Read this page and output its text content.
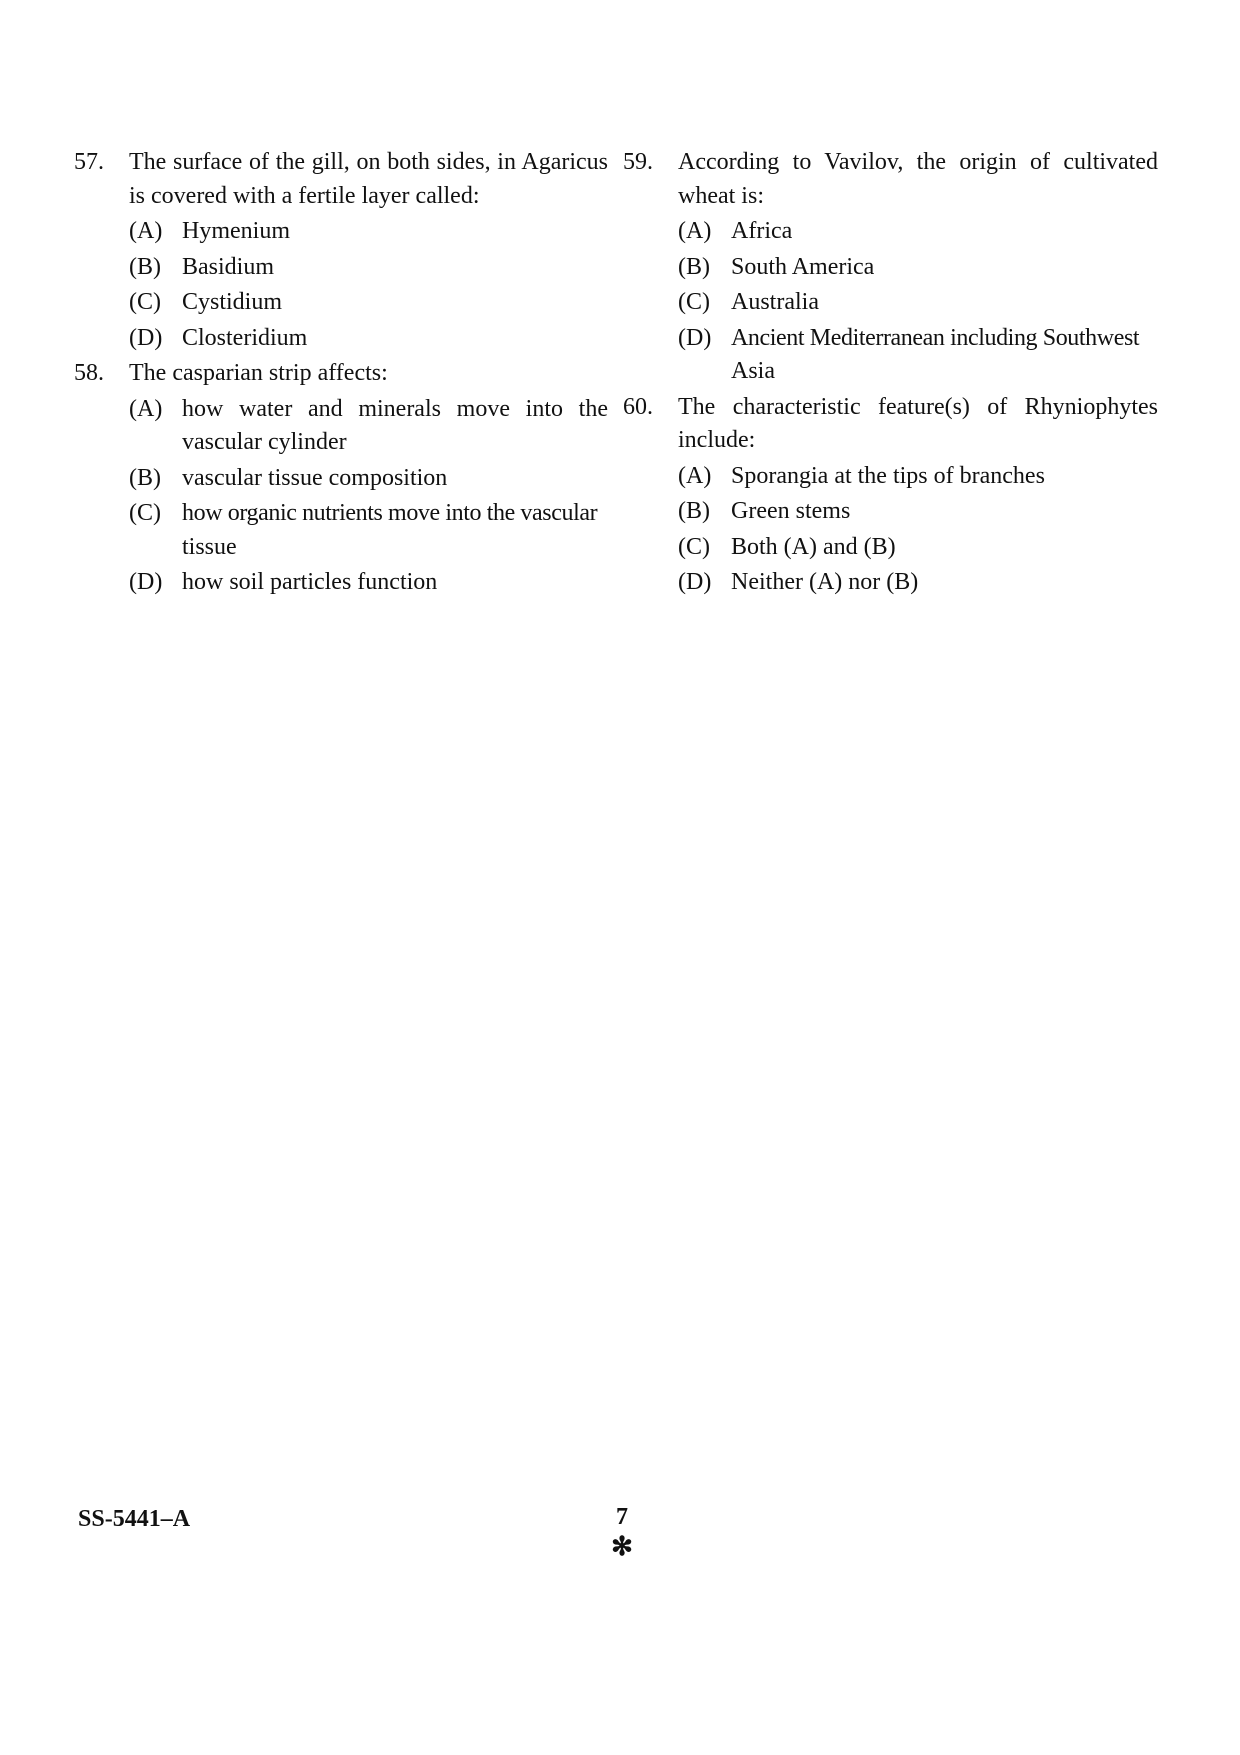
57.	The surface of the gill, on both sides, in Agaricus
is covered with a fertile layer called:
(A) Hymenium
(B) Basidium
(C) Cystidium
(D) Closteridium
58.	The casparian strip affects:
(A) how water and minerals move into the
vascular cylinder
(B) vascular tissue composition
(C) how organic nutrients move into the vascular
tissue
(D) how soil particles function
59.	According to Vavilov, the origin of cultivated
wheat is:
(A) Africa
(B) South America
(C) Australia
(D) Ancient Mediterranean including Southwest
Asia
60.	The characteristic feature(s) of Rhyniophytes
include:
(A) Sporangia at the tips of branches
(B) Green stems
(C) Both (A) and (B)
(D) Neither (A) nor (B)
SS-5441–A	7
✻
